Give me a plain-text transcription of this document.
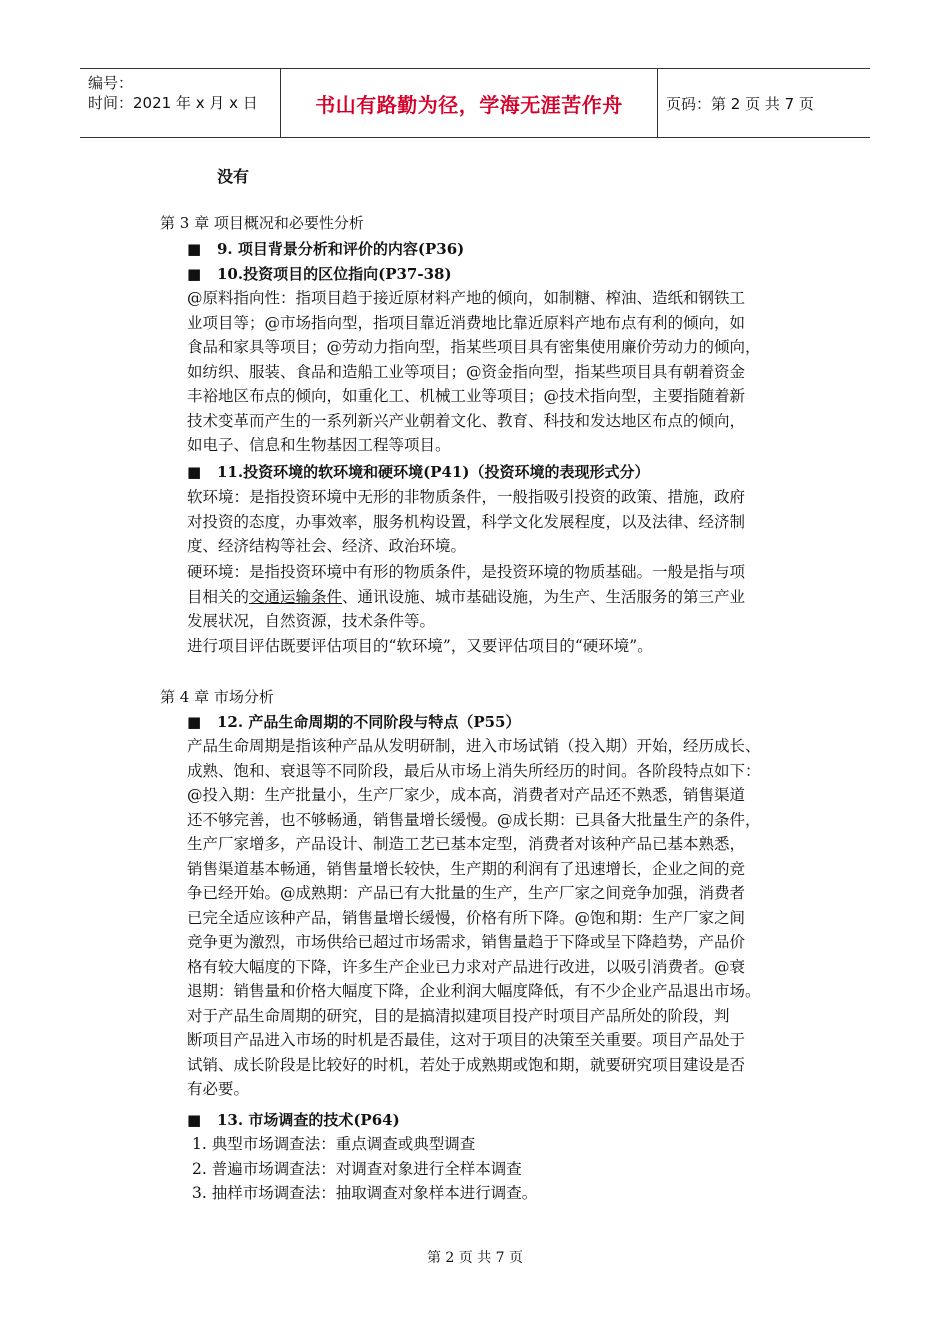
编号：
时间：2021 年 x 月 x 日	书山有路勤为径，学海无涯苦作舟	页码：第 2 页 共 7 页
没有
第 3 章 项目概况和必要性分析
■ 9. 项目背景分析和评价的内容(P36)
■ 10.投资项目的区位指向(P37-38)
@原料指向性：指项目趋于接近原材料产地的倾向，如制糖、榨油、造纸和钢铁工
业项目等；@市场指向型，指项目靠近消费地比靠近原料产地布点有利的倾向，如
食品和家具等项目；@劳动力指向型，指某些项目具有密集使用廉价劳动力的倾向，
如纺织、服装、食品和造船工业等项目；@资金指向型，指某些项目具有朝着资金
丰裕地区布点的倾向，如重化工、机械工业等项目；@技术指向型，主要指随着新
技术变革而产生的一系列新兴产业朝着文化、教育、科技和发达地区布点的倾向，
如电子、信息和生物基因工程等项目。
■ 11.投资环境的软环境和硬环境(P41)（投资环境的表现形式分）
软环境：是指投资环境中无形的非物质条件，一般指吸引投资的政策、措施，政府
对投资的态度，办事效率，服务机构设置，科学文化发展程度，以及法律、经济制
度、经济结构等社会、经济、政治环境。
硬环境：是指投资环境中有形的物质条件，是投资环境的物质基础。一般是指与项
目相关的交通运输条件、通讯设施、城市基础设施，为生产、生活服务的第三产业
发展状况，自然资源，技术条件等。
进行项目评估既要评估项目的“软环境”，又要评估项目的“硬环境”。
第 4 章 市场分析
■ 12. 产品生命周期的不同阶段与特点（P55）
产品生命周期是指该种产品从发明研制，进入市场试销（投入期）开始，经历成长、
成熟、饱和、衰退等不同阶段，最后从市场上消失所经历的时间。各阶段特点如下：
@投入期：生产批量小，生产厂家少，成本高，消费者对产品还不熟悉，销售渠道
还不够完善，也不够畅通，销售量增长缓慢。@成长期：已具备大批量生产的条件，
生产厂家增多，产品设计、制造工艺已基本定型，消费者对该种产品已基本熟悉，
销售渠道基本畅通，销售量增长较快，生产期的利润有了迅速增长，企业之间的竞
争已经开始。@成熟期：产品已有大批量的生产，生产厂家之间竞争加强，消费者
已完全适应该种产品，销售量增长缓慢，价格有所下降。@饱和期：生产厂家之间
竞争更为激烈，市场供给已超过市场需求，销售量趋于下降或呈下降趋势，产品价
格有较大幅度的下降，许多生产企业已力求对产品进行改进，以吸引消费者。@衰
退期：销售量和价格大幅度下降，企业利润大幅度降低，有不少企业产品退出市场。
对于产品生命周期的研究，目的是搞清拟建项目投产时项目产品所处的阶段，判
断项目产品进入市场的时机是否最佳，这对于项目的决策至关重要。项目产品处于
试销、成长阶段是比较好的时机，若处于成熟期或饱和期，就要研究项目建设是否
有必要。
■ 13. 市场调查的技术(P64)
1. 典型市场调查法：重点调查或典型调查
2. 普遍市场调查法：对调查对象进行全样本调查
3. 抽样市场调查法：抽取调查对象样本进行调查。
第 2 页 共 7 页
